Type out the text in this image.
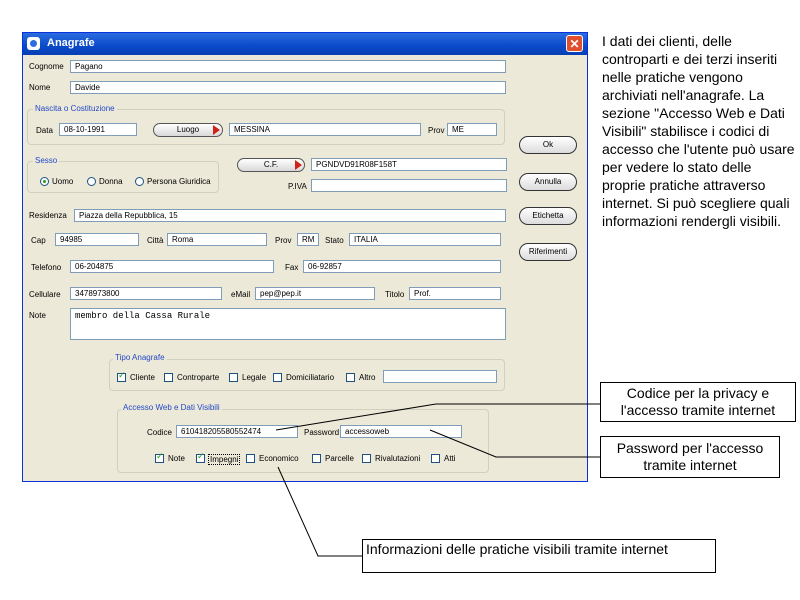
Anagrafe	✕
Cognome	Pagano
Nome	Davide
Nascita o Costituzione
Data	08-10-1991	Luogo	MESSINA	Prov ME
Sesso
Uomo	Donna	Persona Giuridica
C.F.	PGNDVD91R08F158T
P.IVA
Ok
Annulla
Etichetta
Riferimenti
Residenza	Piazza della Repubblica, 15
Cap	94985	Città	Roma	Prov	RM	Stato	ITALIA
Telefono	06-204875	Fax	06-92857
Cellulare	3478973800	eMail	pep@pep.it	Titolo	Prof.
Note	membro della Cassa Rurale
Tipo Anagrafe
✓
Cliente	Controparte	Legale Domiciliatario	Altro
Accesso Web e Dati Visibili
Codice	610418205580552474	Password accessoweb
✓
Note
✓	Impegni	Economico	Parcelle	Rivalutazioni	Atti
I dati dei clienti, delle controparti e dei terzi inseriti nelle pratiche vengono archiviati nell'anagrafe. La sezione "Accesso Web e Dati Visibili" stabilisce i codici di accesso che l'utente può usare per vedere lo stato delle proprie pratiche attraverso internet. Si può scegliere quali informazioni rendergli visibili.
Codice per la privacy e l'accesso tramite internet
Password per l'accesso tramite internet
Informazioni delle pratiche visibili tramite internet
